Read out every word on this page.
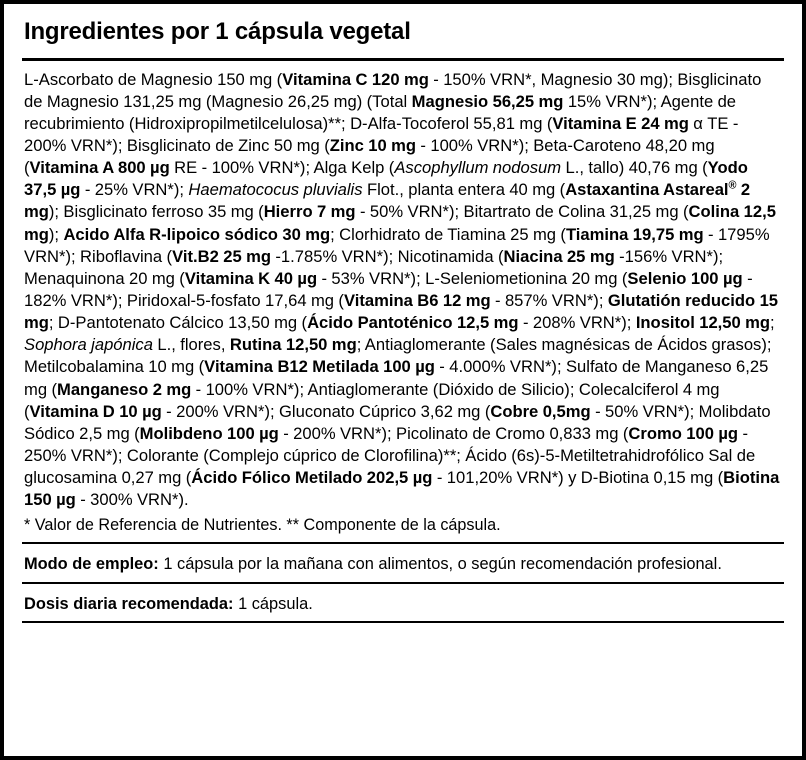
Ingredientes por 1 cápsula vegetal
L-Ascorbato de Magnesio 150 mg (Vitamina C 120 mg - 150% VRN*, Magnesio 30 mg); Bisglicinato de Magnesio 131,25 mg (Magnesio 26,25 mg) (Total Magnesio 56,25 mg 15% VRN*); Agente de recubrimiento (Hidroxipropilmetilcelulosa)**; D-Alfa-Tocoferol 55,81 mg (Vitamina E 24 mg α TE - 200% VRN*); Bisglicinato de Zinc 50 mg (Zinc 10 mg - 100% VRN*); Beta-Caroteno 48,20 mg (Vitamina A 800 µg RE - 100% VRN*); Alga Kelp (Ascophyllum nodosum L., tallo) 40,76 mg (Yodo 37,5 µg - 25% VRN*); Haematococus pluvialis Flot., planta entera 40 mg (Astaxantina Astareal® 2 mg); Bisglicinato ferroso 35 mg (Hierro 7 mg - 50% VRN*); Bitartrato de Colina 31,25 mg (Colina 12,5 mg); Acido Alfa R-lipoico sódico 30 mg; Clorhidrato de Tiamina 25 mg (Tiamina 19,75 mg - 1795% VRN*); Riboflavina (Vit.B2 25 mg -1.785% VRN*); Nicotinamida (Niacina 25 mg -156% VRN*); Menaquinona 20 mg (Vitamina K 40 µg - 53% VRN*); L-Seleniometionina 20 mg (Selenio 100 µg - 182% VRN*); Piridoxal-5-fosfato 17,64 mg (Vitamina B6 12 mg - 857% VRN*); Glutatión reducido 15 mg; D-Pantotenato Cálcico 13,50 mg (Ácido Pantoténico 12,5 mg - 208% VRN*); Inositol 12,50 mg; Sophora japónica L., flores, Rutina 12,50 mg; Antiaglomerante (Sales magnésicas de Ácidos grasos); Metilcobalamina 10 mg (Vitamina B12 Metilada 100 µg - 4.000% VRN*); Sulfato de Manganeso 6,25 mg (Manganeso 2 mg - 100% VRN*); Antiaglomerante (Dióxido de Silicio); Colecalciferol 4 mg (Vitamina D 10 µg - 200% VRN*); Gluconato Cúprico 3,62 mg (Cobre 0,5mg - 50% VRN*); Molibdato Sódico 2,5 mg (Molibdeno 100 µg - 200% VRN*); Picolinato de Cromo 0,833 mg (Cromo 100 µg - 250% VRN*); Colorante (Complejo cúprico de Clorofilina)**; Ácido (6s)-5-Metiltetrahidrofólico Sal de glucosamina 0,27 mg (Ácido Fólico Metilado 202,5 µg - 101,20% VRN*) y D-Biotina 0,15 mg (Biotina 150 µg - 300% VRN*).
* Valor de Referencia de Nutrientes. ** Componente de la cápsula.
Modo de empleo: 1 cápsula por la mañana con alimentos, o según recomendación profesional.
Dosis diaria recomendada: 1 cápsula.
